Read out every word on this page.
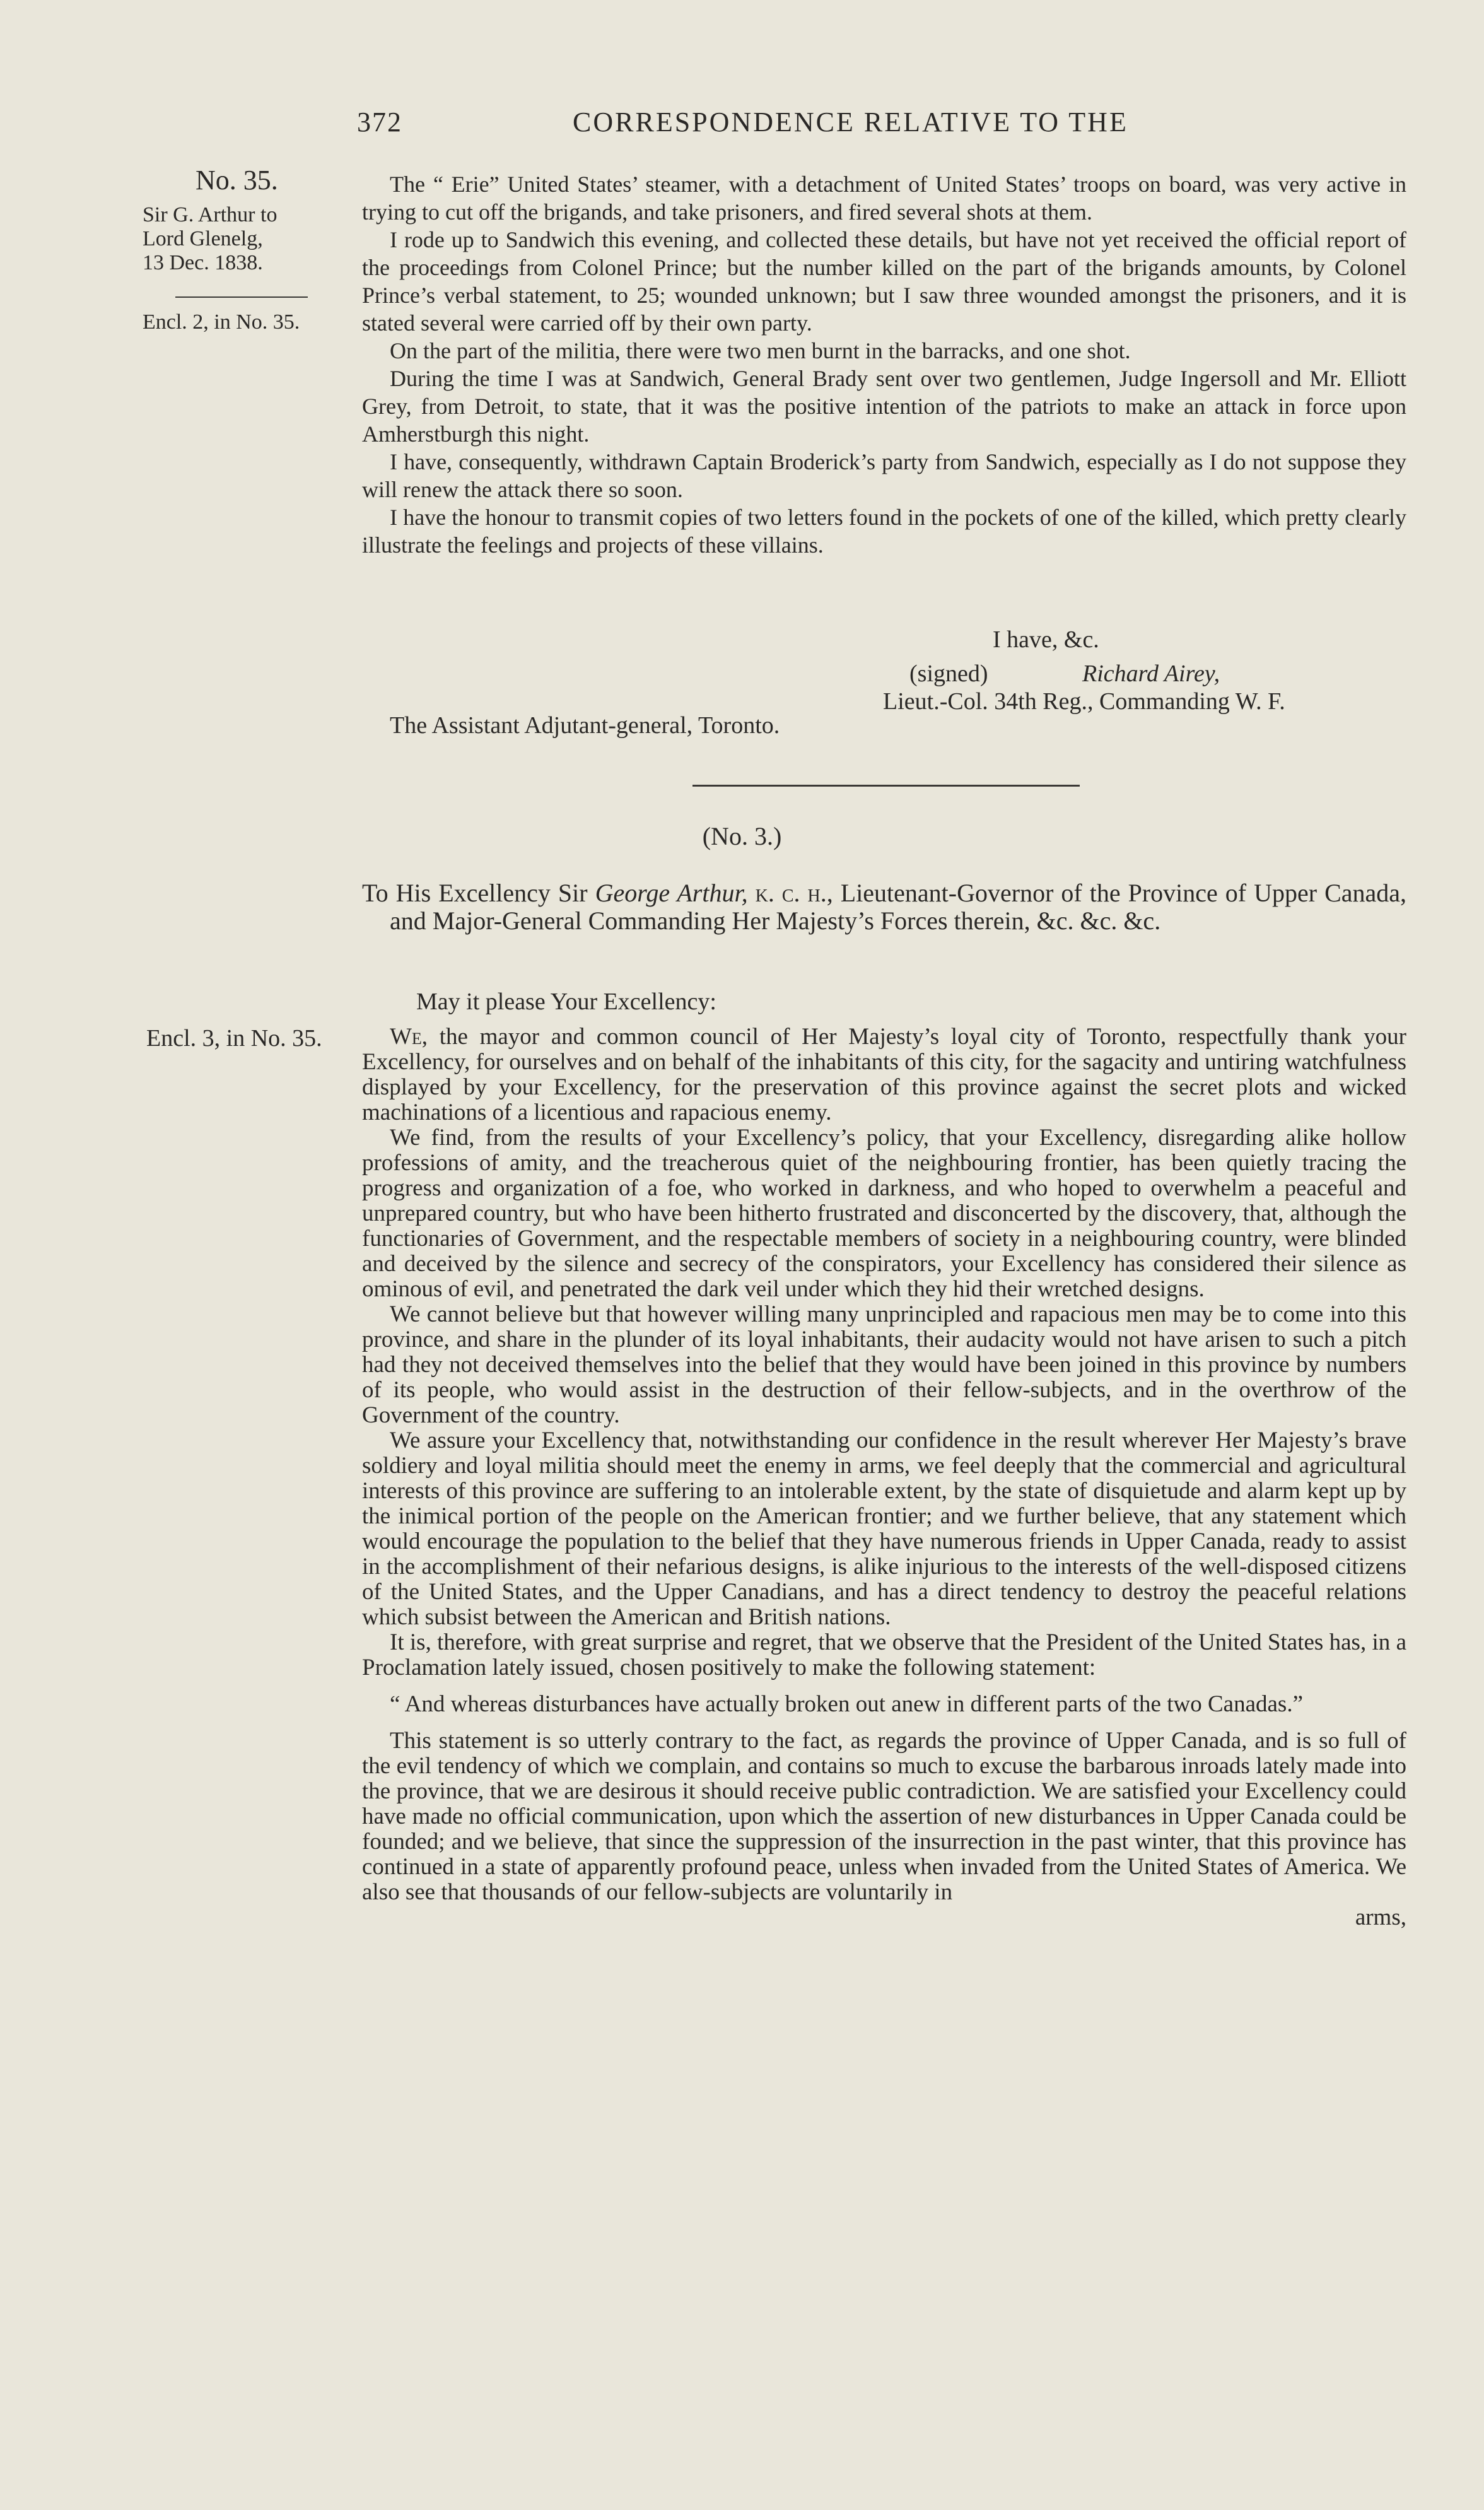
372	CORRESPONDENCE RELATIVE TO THE
No. 35.
Sir G. Arthur to
Lord Glenelg,
13 Dec. 1838.
Encl. 2, in No. 35.
Encl. 3, in No. 35.

The “ Erie” United States’ steamer, with a detachment of United States’ troops on board, was very active in trying to cut off the brigands, and take prisoners, and fired several shots at them.

I rode up to Sandwich this evening, and collected these details, but have not yet received the official report of the proceedings from Colonel Prince; but the number killed on the part of the brigands amounts, by Colonel Prince’s verbal statement, to 25; wounded unknown; but I saw three wounded amongst the prisoners, and it is stated several were carried off by their own party.

On the part of the militia, there were two men burnt in the barracks, and one shot.

During the time I was at Sandwich, General Brady sent over two gentlemen, Judge Ingersoll and Mr. Elliott Grey, from Detroit, to state, that it was the positive intention of the patriots to make an attack in force upon Amherstburgh this night.

I have, consequently, withdrawn Captain Broderick’s party from Sandwich, especially as I do not suppose they will renew the attack there so soon.

I have the honour to transmit copies of two letters found in the pockets of one of the killed, which pretty clearly illustrate the feelings and projects of these villains.

I have, &c.
(signed)	Richard Airey,
Lieut.-Col. 34th Reg., Commanding W. F.
The Assistant Adjutant-general, Toronto.
(No. 3.)

To His Excellency Sir George Arthur, k. c. h., Lieutenant-Governor of the Province of Upper Canada, and Major-General Commanding Her Majesty’s Forces therein, &c. &c. &c.

May it please Your Excellency:

We, the mayor and common council of Her Majesty’s loyal city of Toronto, respectfully thank your Excellency, for ourselves and on behalf of the inhabitants of this city, for the sagacity and untiring watchfulness displayed by your Excellency, for the preservation of this province against the secret plots and wicked machinations of a licentious and rapacious enemy.

We find, from the results of your Excellency’s policy, that your Excellency, disregarding alike hollow professions of amity, and the treacherous quiet of the neighbouring frontier, has been quietly tracing the progress and organization of a foe, who worked in darkness, and who hoped to overwhelm a peaceful and unprepared country, but who have been hitherto frustrated and disconcerted by the discovery, that, although the functionaries of Government, and the respectable members of society in a neighbouring country, were blinded and deceived by the silence and secrecy of the conspirators, your Excellency has considered their silence as ominous of evil, and penetrated the dark veil under which they hid their wretched designs.

We cannot believe but that however willing many unprincipled and rapacious men may be to come into this province, and share in the plunder of its loyal inhabitants, their audacity would not have arisen to such a pitch had they not deceived themselves into the belief that they would have been joined in this province by numbers of its people, who would assist in the destruction of their fellow-subjects, and in the overthrow of the Government of the country.

We assure your Excellency that, notwithstanding our confidence in the result wherever Her Majesty’s brave soldiery and loyal militia should meet the enemy in arms, we feel deeply that the commercial and agricultural interests of this province are suffering to an intolerable extent, by the state of disquietude and alarm kept up by the inimical portion of the people on the American frontier; and we further believe, that any statement which would encourage the population to the belief that they have numerous friends in Upper Canada, ready to assist in the accomplishment of their nefarious designs, is alike injurious to the interests of the well-disposed citizens of the United States, and the Upper Canadians, and has a direct tendency to destroy the peaceful relations which subsist between the American and British nations.

It is, therefore, with great surprise and regret, that we observe that the President of the United States has, in a Proclamation lately issued, chosen positively to make the following statement:

“ And whereas disturbances have actually broken out anew in different parts of the two Canadas.”

This statement is so utterly contrary to the fact, as regards the province of Upper Canada, and is so full of the evil tendency of which we complain, and contains so much to excuse the barbarous inroads lately made into the province, that we are desirous it should receive public contradiction. We are satisfied your Excellency could have made no official communication, upon which the assertion of new disturbances in Upper Canada could be founded; and we believe, that since the suppression of the insurrection in the past winter, that this province has continued in a state of apparently profound peace, unless when invaded from the United States of America. We also see that thousands of our fellow-subjects are voluntarily in

arms,
